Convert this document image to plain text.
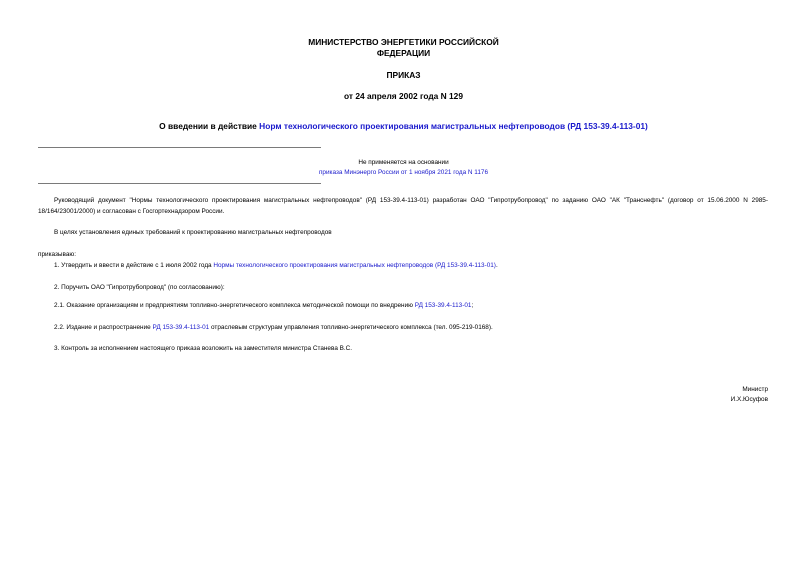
МИНИСТЕРСТВО ЭНЕРГЕТИКИ РОССИЙСКОЙ
ФЕДЕРАЦИИ
ПРИКАЗ
от 24 апреля 2002 года N 129
О введении в действие Норм технологического проектирования магистральных нефтепроводов (РД 153-39.4-113-01)
Не применяется на основании
приказа Минэнерго России от 1 ноября 2021 года N 1176
Руководящий документ "Нормы технологического проектирования магистральных нефтепроводов" (РД 153-39.4-113-01) разработан ОАО "Гипротрубопровод" по заданию ОАО "АК "Транснефть" (договор от 15.06.2000 N 2985-18/164/23001/2000) и согласован с Госгортехнадзором России.
В целях установления единых требований к проектированию магистральных нефтепроводов
приказываю:
1. Утвердить и ввести в действие с 1 июля 2002 года Нормы технологического проектирования магистральных нефтепроводов (РД 153-39.4-113-01).
2. Поручить ОАО "Гипротрубопровод" (по согласованию):
2.1. Оказание организациям и предприятиям топливно-энергетического комплекса методической помощи по внедрению РД 153-39.4-113-01;
2.2. Издание и распространение РД 153-39.4-113-01 отраслевым структурам управления топливно-энергетического комплекса (тел. 095-219-0168).
3. Контроль за исполнением настоящего приказа возложить на заместителя министра Станева В.С.
Министр
И.Х.Юсуфов
